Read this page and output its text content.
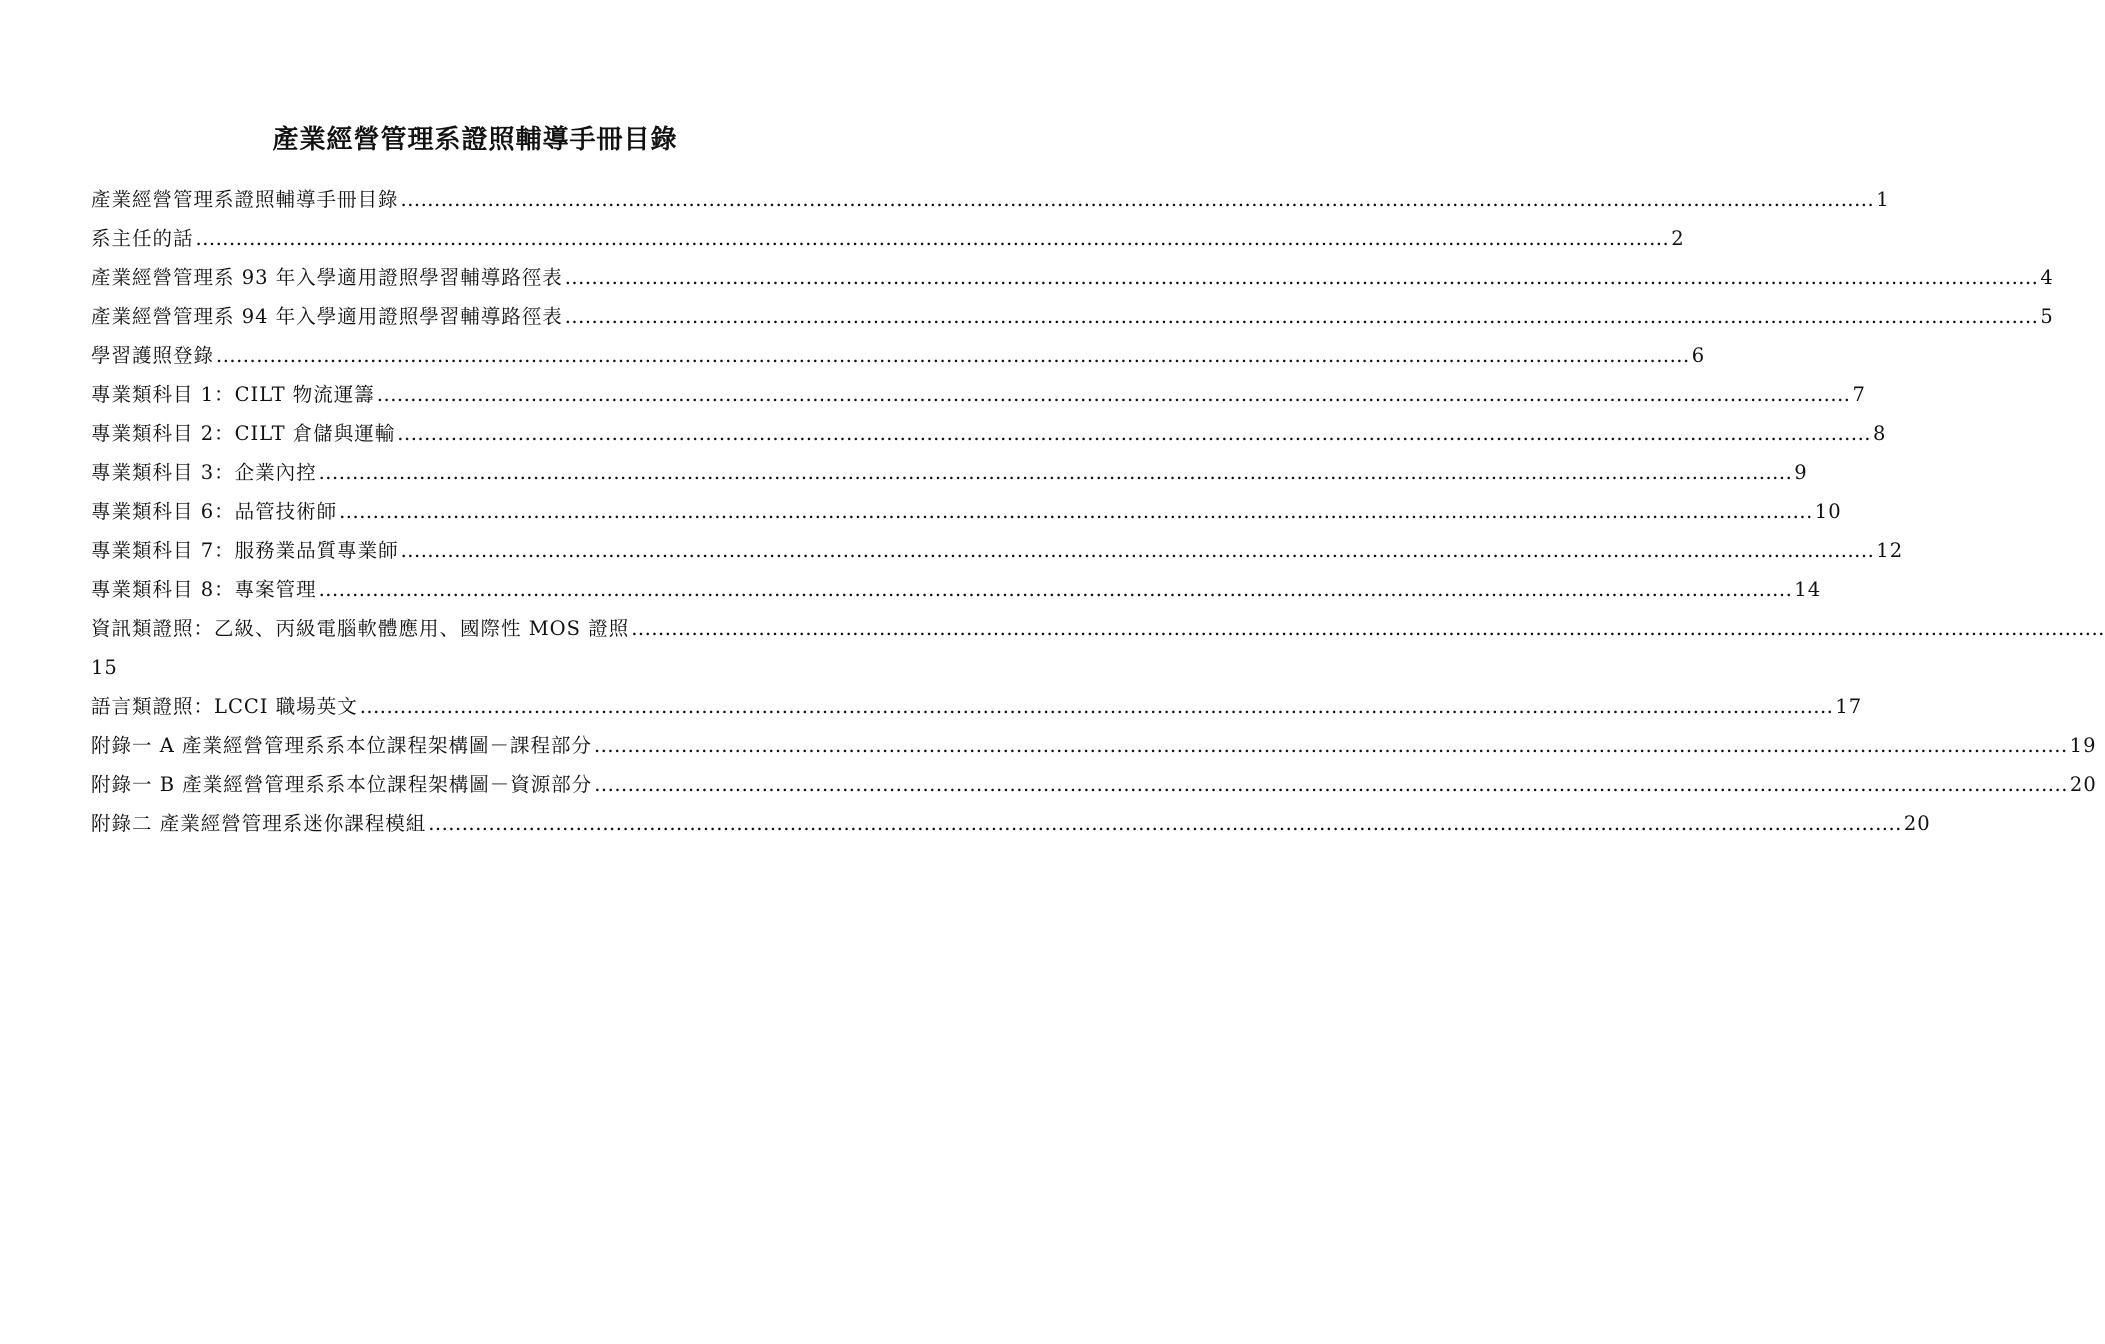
產業經營管理系證照輔導手冊目錄
產業經營管理系證照輔導手冊目錄 ............................................................................................................................................................................................................................ 1
系主任的話 ............................................................................................................................................................................................................................ 2
產業經營管理系 93 年入學適用證照學習輔導路徑表 ............................................................................................................................................................................................................................ 4
產業經營管理系 94 年入學適用證照學習輔導路徑表 ............................................................................................................................................................................................................................ 5
學習護照登錄 ............................................................................................................................................................................................................................ 6
專業類科目 1：CILT 物流運籌 ............................................................................................................................................................................................................................ 7
專業類科目 2：CILT 倉儲與運輸 ............................................................................................................................................................................................................................ 8
專業類科目 3：企業內控 ............................................................................................................................................................................................................................ 9
專業類科目 6：品管技術師 ............................................................................................................................................................................................................................ 10
專業類科目 7：服務業品質專業師 ............................................................................................................................................................................................................................ 12
專業類科目 8：專案管理 ............................................................................................................................................................................................................................ 14
資訊類證照：乙級、丙級電腦軟體應用、國際性 MOS 證照 ............................................................................................................................................................................................................................
15
語言類證照：LCCI 職場英文 ............................................................................................................................................................................................................................ 17
附錄一 A 產業經營管理系系本位課程架構圖－課程部分 ............................................................................................................................................................................................................................ 19
附錄一 B 產業經營管理系系本位課程架構圖－資源部分 ............................................................................................................................................................................................................................ 20
附錄二 產業經營管理系迷你課程模組 ............................................................................................................................................................................................................................ 20
